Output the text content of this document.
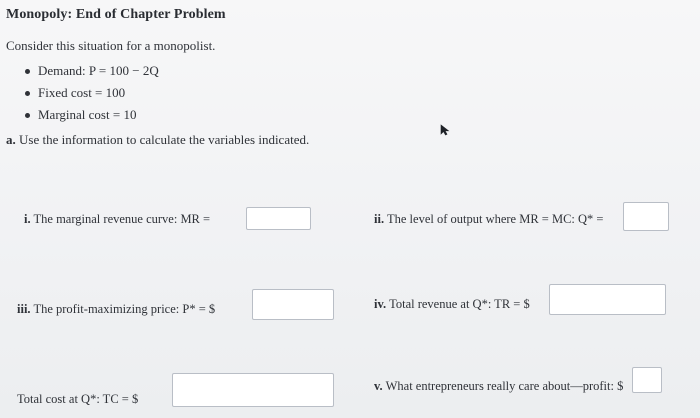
Monopoly: End of Chapter Problem
Consider this situation for a monopolist.
Demand: P = 100 − 2Q
Fixed cost = 100
Marginal cost = 10
a. Use the information to calculate the variables indicated.
i. The marginal revenue curve: MR =	ii. The level of output where MR = MC: Q* =
iii. The profit-maximizing price: P* = $	iv. Total revenue at Q*: TR = $
Total cost at Q*: TC = $
v. What entrepreneurs really care about—profit: $
